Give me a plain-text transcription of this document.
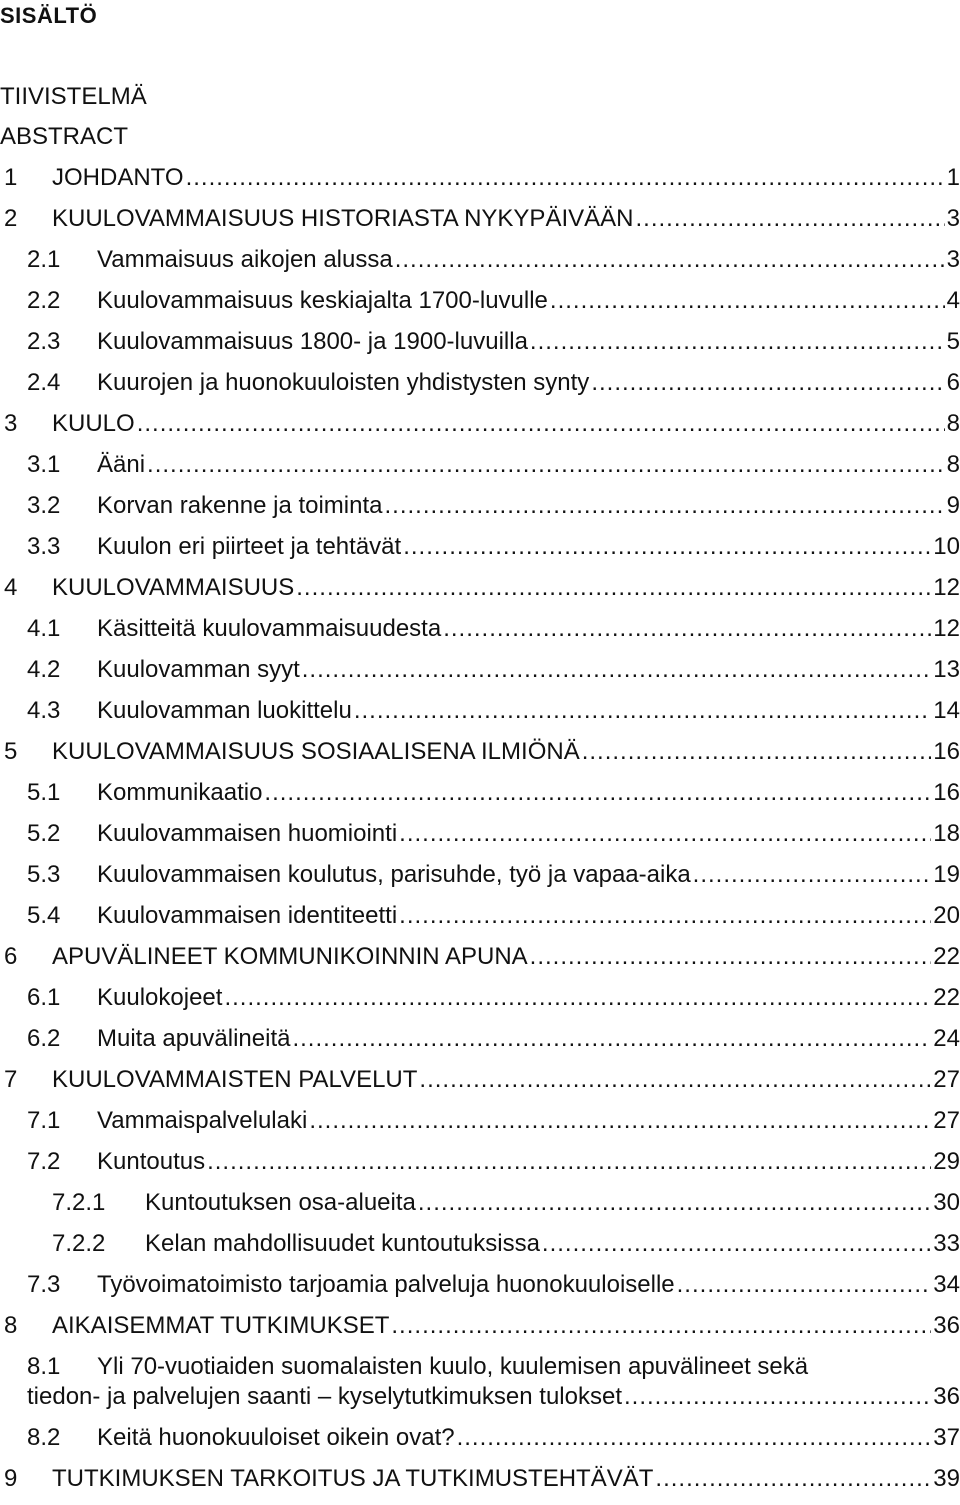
SISÄLTÖ
TIIVISTELMÄ
ABSTRACT
1	JOHDANTO .....	1
2	KUULOVAMMAISUUS HISTORIASTA NYKYPÄIVÄÄN .....	3
2.1	Vammaisuus aikojen alussa .....	3
2.2	Kuulovammaisuus keskiajalta 1700-luvulle .....	4
2.3	Kuulovammaisuus 1800- ja 1900-luvuilla .....	5
2.4	Kuurojen ja huonokuuloisten yhdistysten synty .....	6
3	KUULO .....	8
3.1	Ääni .....	8
3.2	Korvan rakenne ja toiminta .....	9
3.3	Kuulon eri piirteet ja tehtävät .....	10
4	KUULOVAMMAISUUS .....	12
4.1	Käsitteitä kuulovammaisuudesta .....	12
4.2	Kuulovamman syyt .....	13
4.3	Kuulovamman luokittelu .....	14
5	KUULOVAMMAISUUS SOSIAALISENA ILMIÖNÄ .....	16
5.1	Kommunikaatio .....	16
5.2	Kuulovammaisen huomiointi .....	18
5.3	Kuulovammaisen koulutus, parisuhde, työ ja vapaa-aika .....	19
5.4	Kuulovammaisen identiteetti .....	20
6	APUVÄLINEET KOMMUNIKOINNIN APUNA .....	22
6.1	Kuulokojeet .....	22
6.2	Muita apuvälineitä .....	24
7	KUULOVAMMAISTEN PALVELUT .....	27
7.1	Vammaispalvelulaki .....	27
7.2	Kuntoutus .....	29
7.2.1	Kuntoutuksen osa-alueita .....	30
7.2.2	Kelan mahdollisuudet kuntoutuksissa .....	33
7.3	Työvoimatoimisto tarjoamia palveluja huonokuuloiselle .....	34
8	AIKAISEMMAT TUTKIMUKSET .....	36
8.1 Yli 70-vuotiaiden suomalaisten kuulo, kuulemisen apuvälineet sekä
tiedon- ja palvelujen saanti – kyselytutkimuksen tulokset .....	36
8.2	Keitä huonokuuloiset oikein ovat? .....	37
9	TUTKIMUKSEN TARKOITUS JA TUTKIMUSTEHTÄVÄT .....	39
